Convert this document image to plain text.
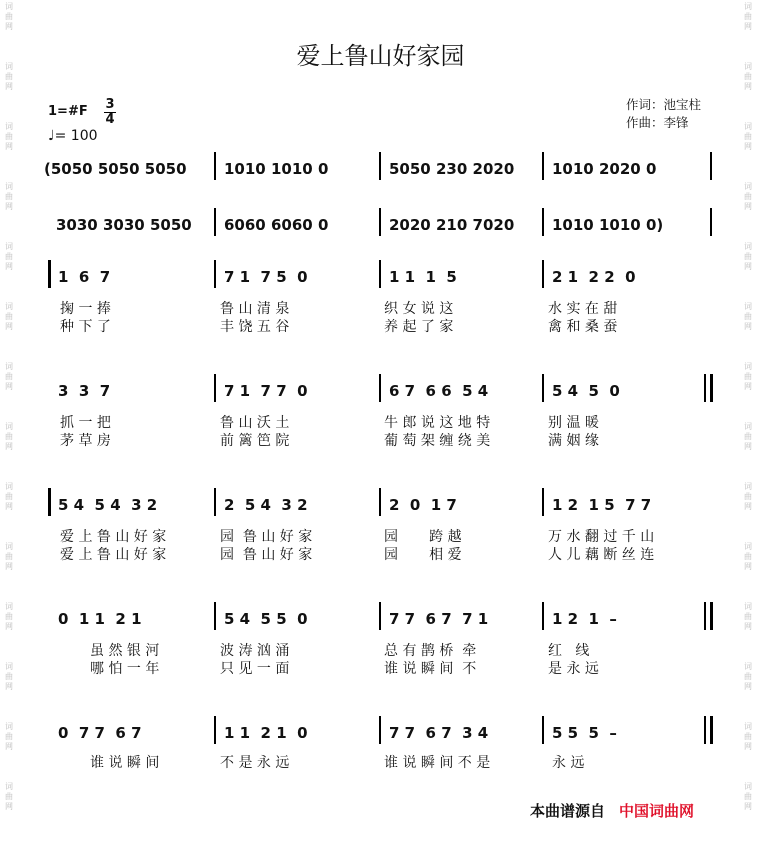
词曲网
词曲网
词曲网
词曲网
词曲网
词曲网
词曲网
词曲网
词曲网
词曲网
词曲网
词曲网
词曲网
词曲网
词曲网
词曲网
词曲网
词曲网
词曲网
词曲网
词曲网
词曲网
词曲网
词曲网
词曲网
词曲网
词曲网
词曲网
爱上鲁山好家园
作词：池宝柱
作曲：李锋
1=#F 3
4
♩= 100
(5050 5050 5050 1010 1010 0	5050 230 2020	1010 2020 0
3030 3030 5050 6060 6060 0	2020 210 7020	1010 1010 0)
1  6  7	7 1  7 5  0	1 1  1  5	2 1  2 2  0
掬 一 捧	鲁 山 清 泉	织 女 说 这	水 实 在 甜
种 下 了	丰 饶 五 谷	养 起 了 家	禽 和 桑 蚕
3  3  7	7 1  7 7  0	6 7  6 6  5 4	5 4  5  0
抓 一 把	鲁 山 沃 土	牛 郎 说 这 地 特	别 温 暖
茅 草 房	前 篱 笆 院	葡 萄 架 缠 绕 美	满 姻 缘
5 4  5 4  3 2	2  5 4  3 2	2  0  1 7	1 2  1 5  7 7
爱 上 鲁 山 好 家	园  鲁 山 好 家	园       跨 越	万 水 翻 过 千 山
爱 上 鲁 山 好 家	园  鲁 山 好 家	园       相 爱	人 儿 藕 断 丝 连
0  1 1  2 1	5 4  5 5  0	7 7  6 7  7 1	1 2  1  –
虽 然 银 河	波 涛 汹 涌	总 有 鹊 桥  牵	红   线
哪 怕 一 年	只 见 一 面	谁 说 瞬 间  不	是 永 远
0  7 7  6 7	1 1  2 1  0	7 7  6 7  3 4	5 5  5  –
谁 说 瞬 间	不 是 永 远	谁 说 瞬 间 不 是	永 远
本曲谱源自 中国词曲网
